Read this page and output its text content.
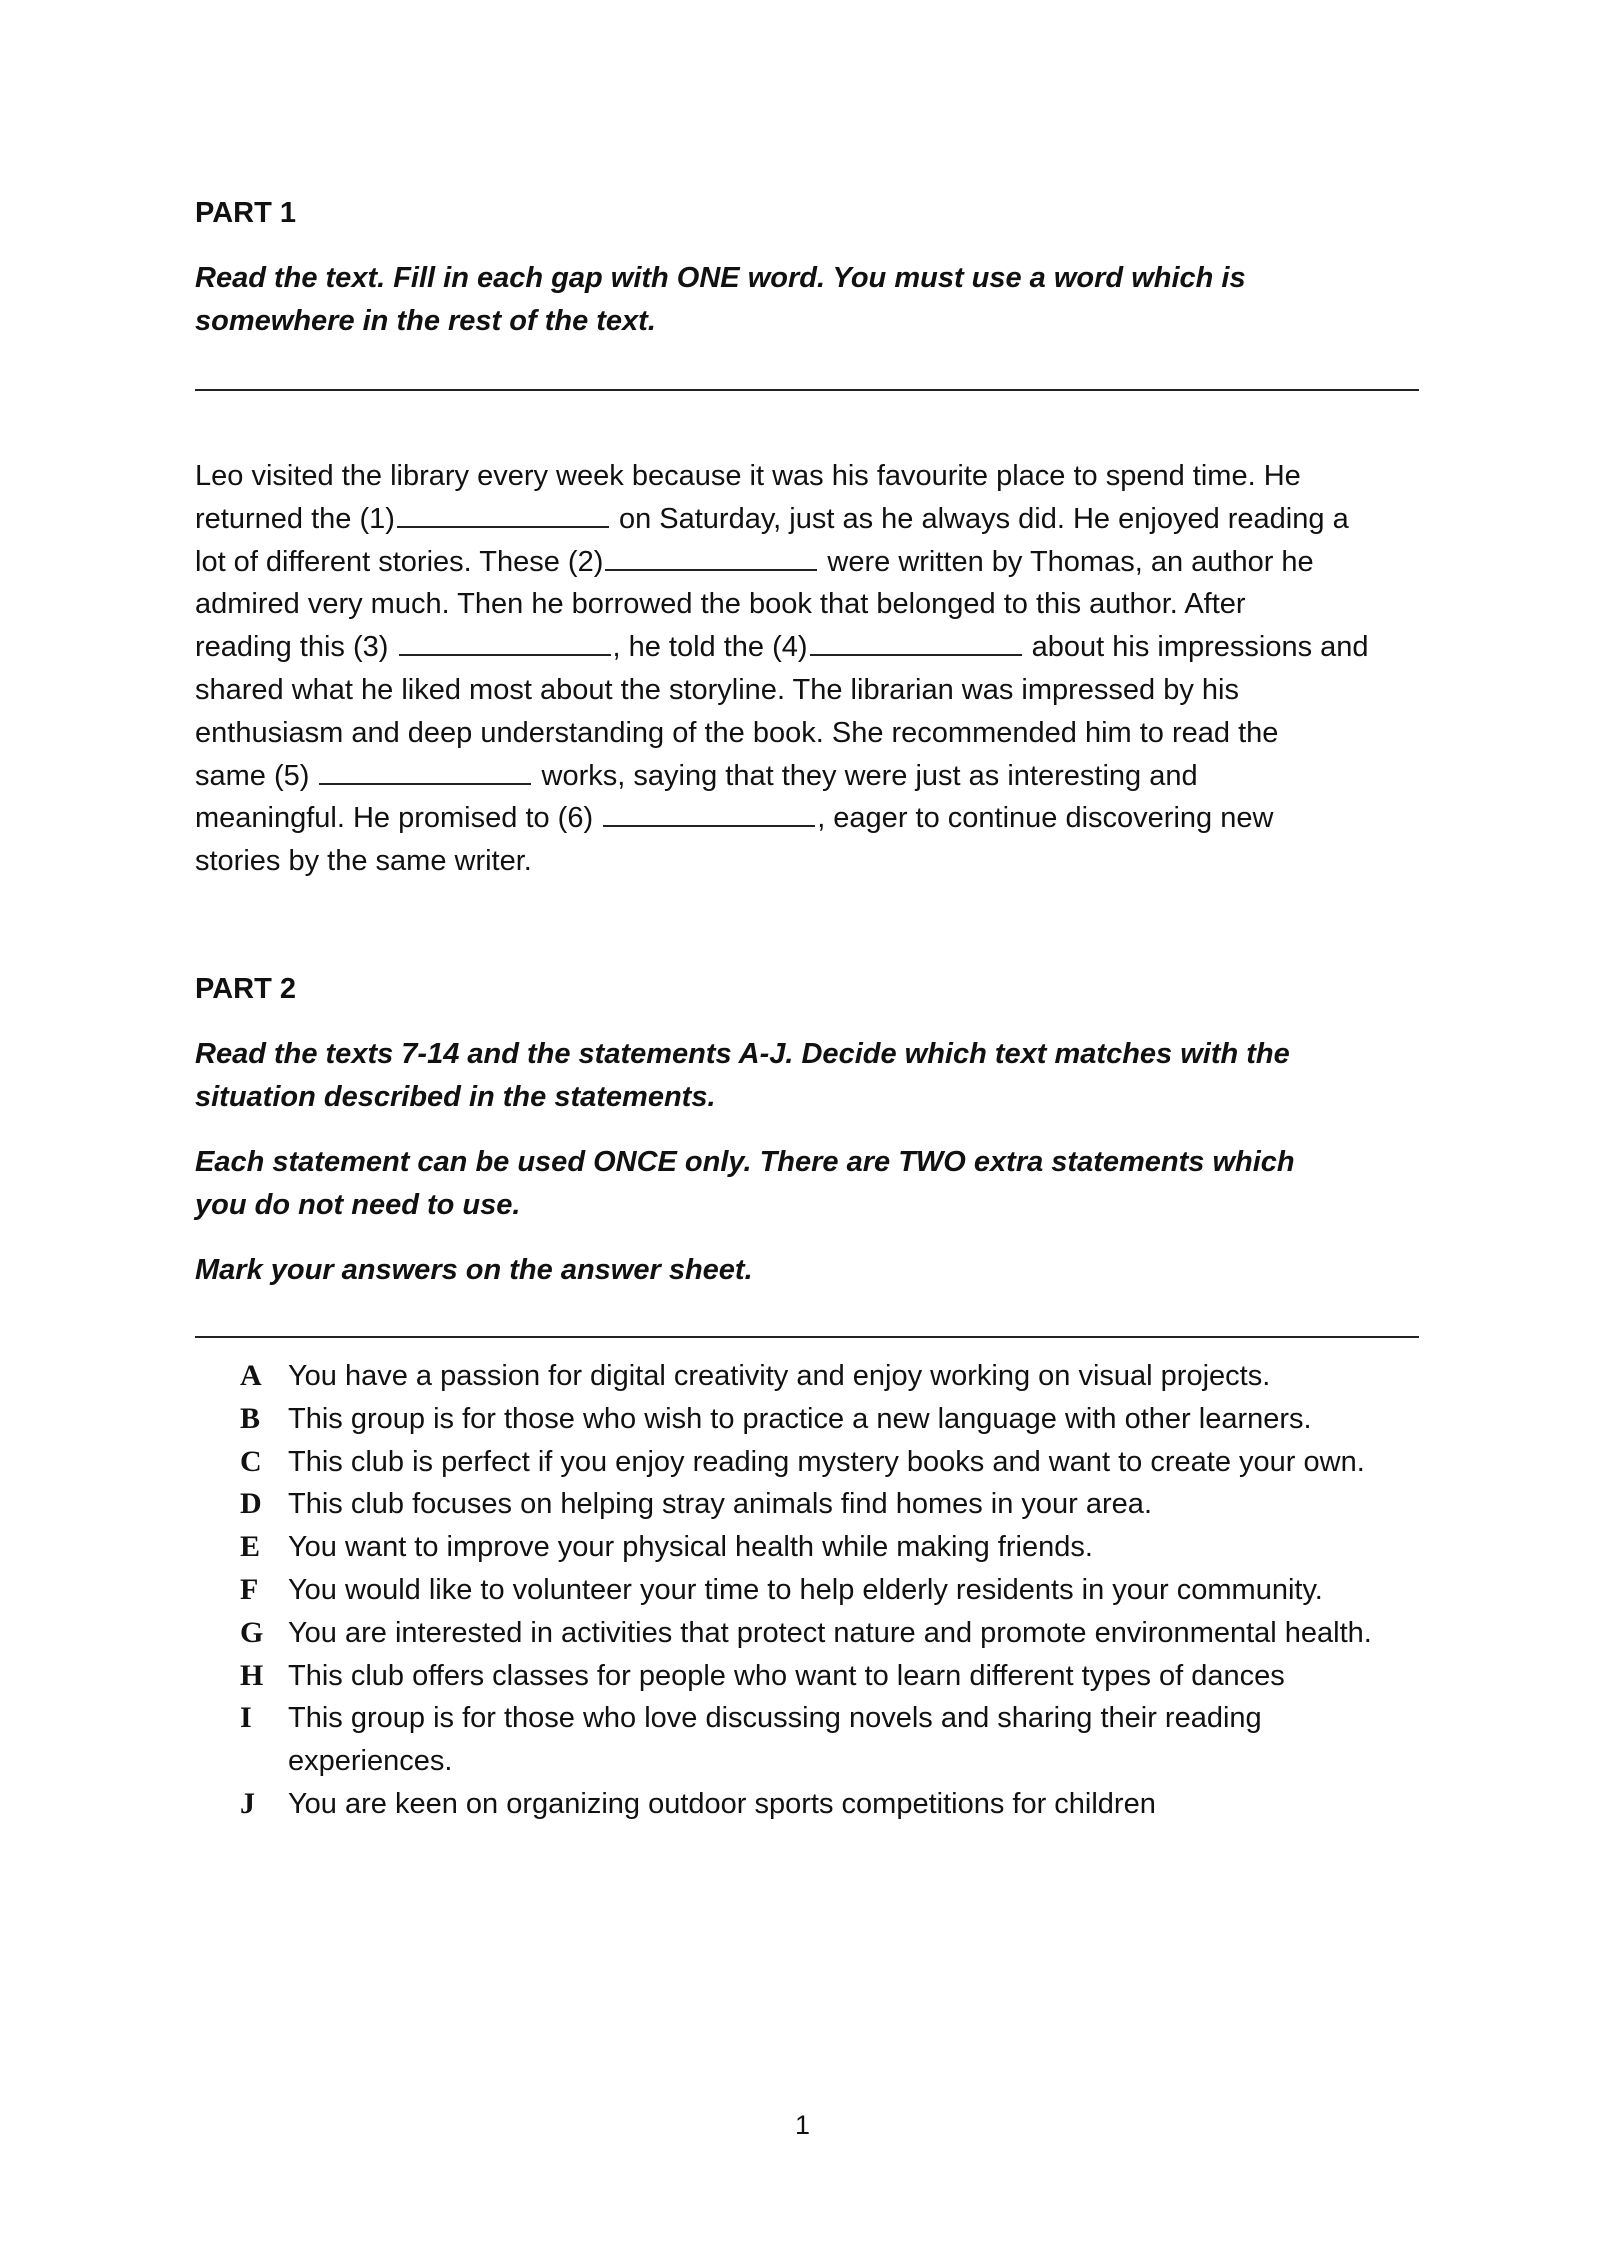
PART 1
Read the text. Fill in each gap with ONE word. You must use a word which is
somewhere in the rest of the text.
Leo visited the library every week because it was his favourite place to spend time. He
returned the (1)	on Saturday, just as he always did. He enjoyed reading a
lot of different stories. These (2)	were written by Thomas, an author he
admired very much. Then he borrowed the book that belonged to this author. After
reading this (3)	, he told the (4)	about his impressions and
shared what he liked most about the storyline. The librarian was impressed by his
enthusiasm and deep understanding of the book. She recommended him to read the
same (5)	works, saying that they were just as interesting and
meaningful. He promised to (6)	, eager to continue discovering new
stories by the same writer.
PART 2
Read the texts 7-14 and the statements A-J. Decide which text matches with the
situation described in the statements.
Each statement can be used ONCE only. There are TWO extra statements which
you do not need to use.
Mark your answers on the answer sheet.
A You have a passion for digital creativity and enjoy working on visual projects.
B This group is for those who wish to practice a new language with other learners.
C This club is perfect if you enjoy reading mystery books and want to create your own.
D This club focuses on helping stray animals find homes in your area.
E You want to improve your physical health while making friends.
F	You would like to volunteer your time to help elderly residents in your community.
G You are interested in activities that protect nature and promote environmental health.
H This club offers classes for people who want to learn different types of dances
I	This group is for those who love discussing novels and sharing their reading experiences.
J	You are keen on organizing outdoor sports competitions for children
1
